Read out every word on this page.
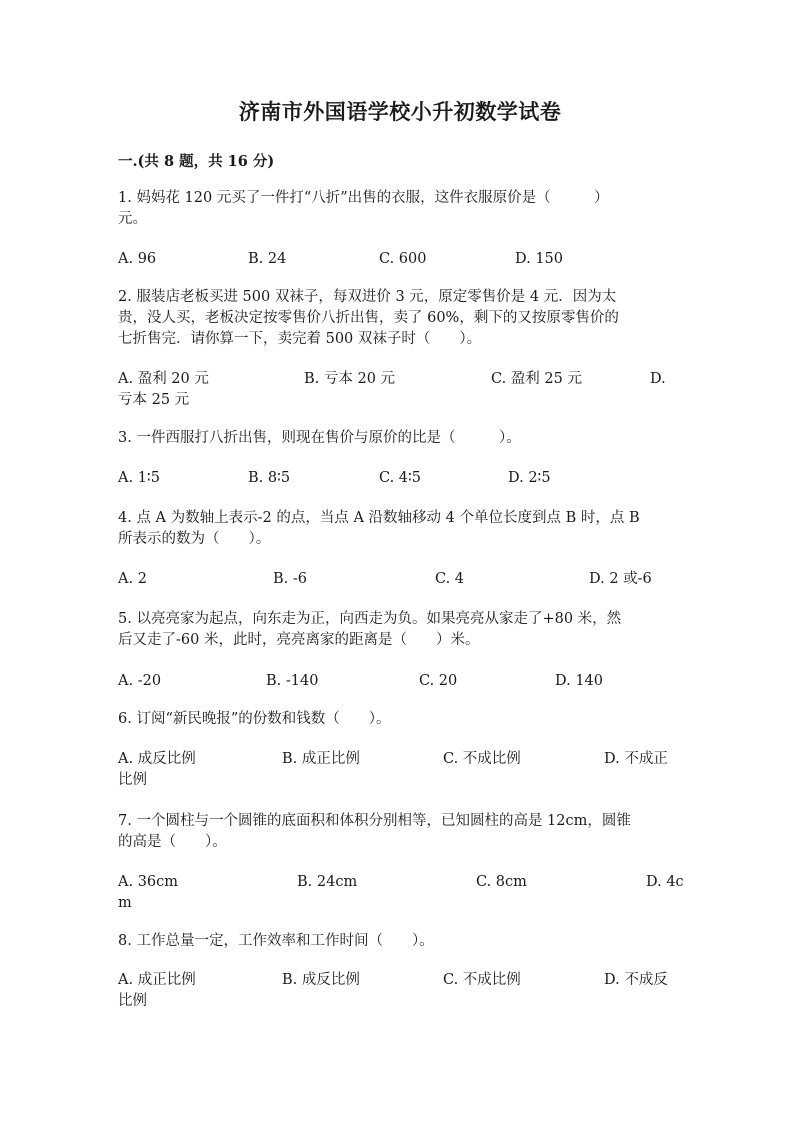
济南市外国语学校小升初数学试卷
一.(共 8 题，共 16 分)
1. 妈妈花 120 元买了一件打“八折”出售的衣服，这件衣服原价是（　　　）
元。
A. 96	B. 24	C. 600	D. 150
2. 服装店老板买进 500 双袜子，每双进价 3 元，原定零售价是 4 元．因为太
贵，没人买，老板决定按零售价八折出售，卖了 60%，剩下的又按原零售价的
七折售完．请你算一下，卖完着 500 双袜子时（　　）。
A. 盈利 20 元	B. 亏本 20 元	C. 盈利 25 元	D.
亏本 25 元
3. 一件西服打八折出售，则现在售价与原价的比是（　　　）。
A. 1∶5	B. 8∶5	C. 4∶5	D. 2∶5
4. 点 A 为数轴上表示-2 的点，当点 A 沿数轴移动 4 个单位长度到点 B 时，点 B
所表示的数为（　　）。
A. 2	B. -6	C. 4	D. 2 或-6
5. 以亮亮家为起点，向东走为正，向西走为负。如果亮亮从家走了+80 米，然
后又走了-60 米，此时，亮亮离家的距离是（　　）米。
A. -20	B. -140	C. 20	D. 140
6. 订阅“新民晚报”的份数和钱数（　　）。
A. 成反比例	B. 成正比例	C. 不成比例	D. 不成正
比例
7. 一个圆柱与一个圆锥的底面积和体积分别相等，已知圆柱的高是 12cm，圆锥
的高是（　　）。
A. 36cm	B. 24cm	C. 8cm	D. 4c
m
8. 工作总量一定，工作效率和工作时间（　　）。
A. 成正比例	B. 成反比例	C. 不成比例	D. 不成反
比例
